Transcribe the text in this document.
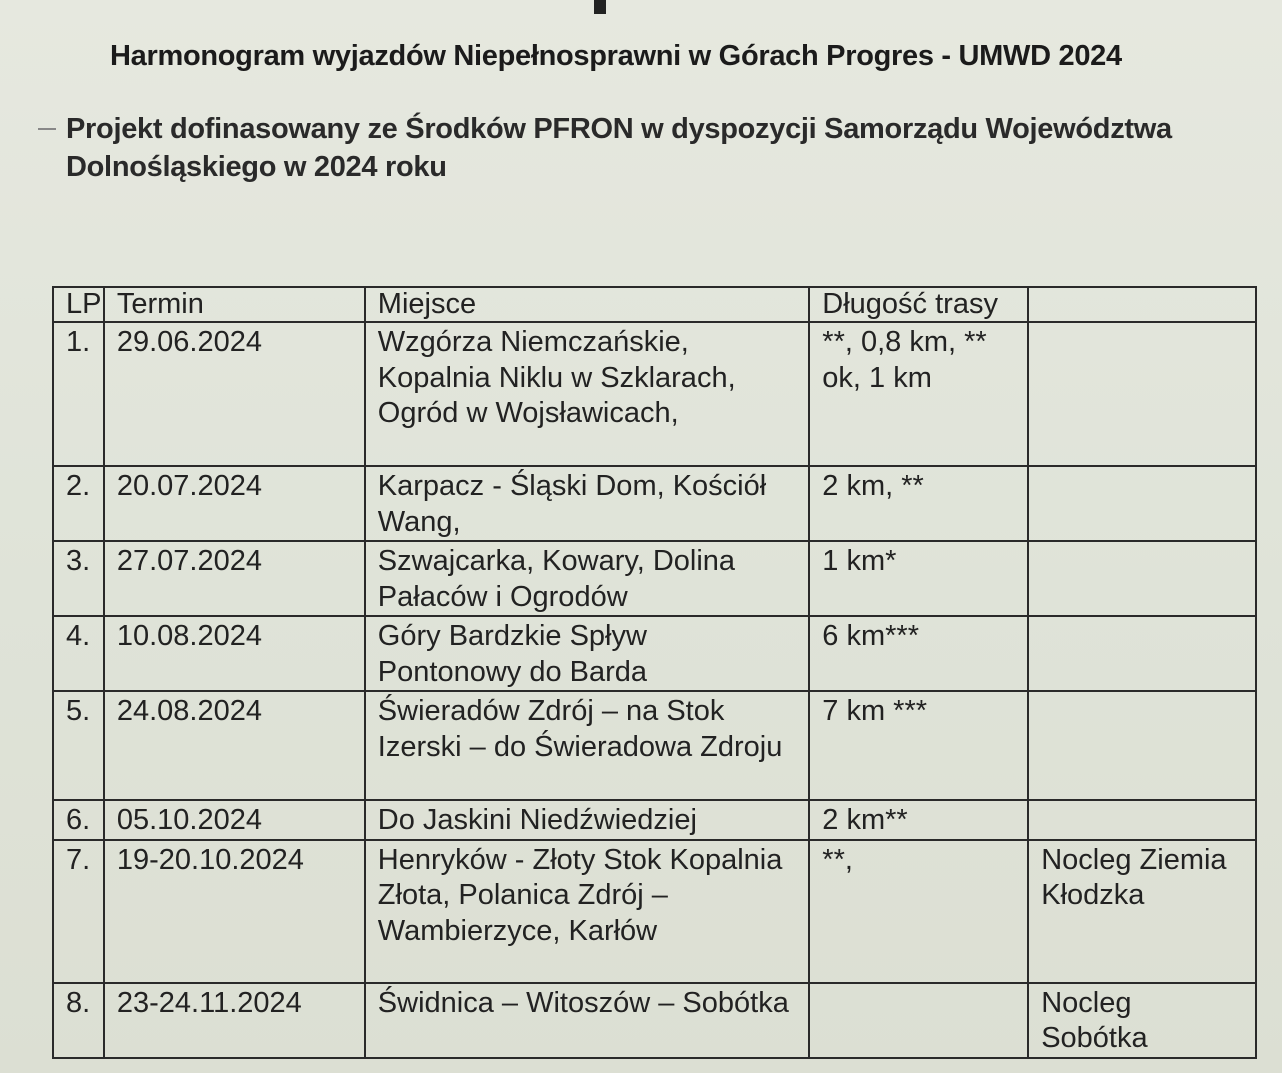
Harmonogram wyjazdów Niepełnosprawni w Górach Progres - UMWD 2024

Projekt dofinasowany ze Środków PFRON w dyspozycji Samorządu Województwa Dolnośląskiego w 2024 roku

LP	Termin	Miejsce	Długość trasy	
1.	29.06.2024	Wzgórza Niemczańskie, Kopalnia Niklu w Szklarach, Ogród w Wojsławicach,	**, 0,8 km, ** ok, 1 km	
2.	20.07.2024	Karpacz - Śląski Dom, Kościół Wang,	2 km, **	
3.	27.07.2024	Szwajcarka, Kowary, Dolina Pałaców i Ogrodów	1 km*	
4.	10.08.2024	Góry Bardzkie Spływ Pontonowy do Barda	6 km***	
5.	24.08.2024	Świeradów Zdrój – na Stok Izerski – do Świeradowa Zdroju	7 km ***	
6.	05.10.2024	Do Jaskini Niedźwiedziej	2 km**	
7.	19-20.10.2024	Henryków - Złoty Stok Kopalnia Złota, Polanica Zdrój – Wambierzyce, Karłów	**,	Nocleg Ziemia Kłodzka
8.	23-24.11.2024	Świdnica – Witoszów – Sobótka		Nocleg Sobótka
